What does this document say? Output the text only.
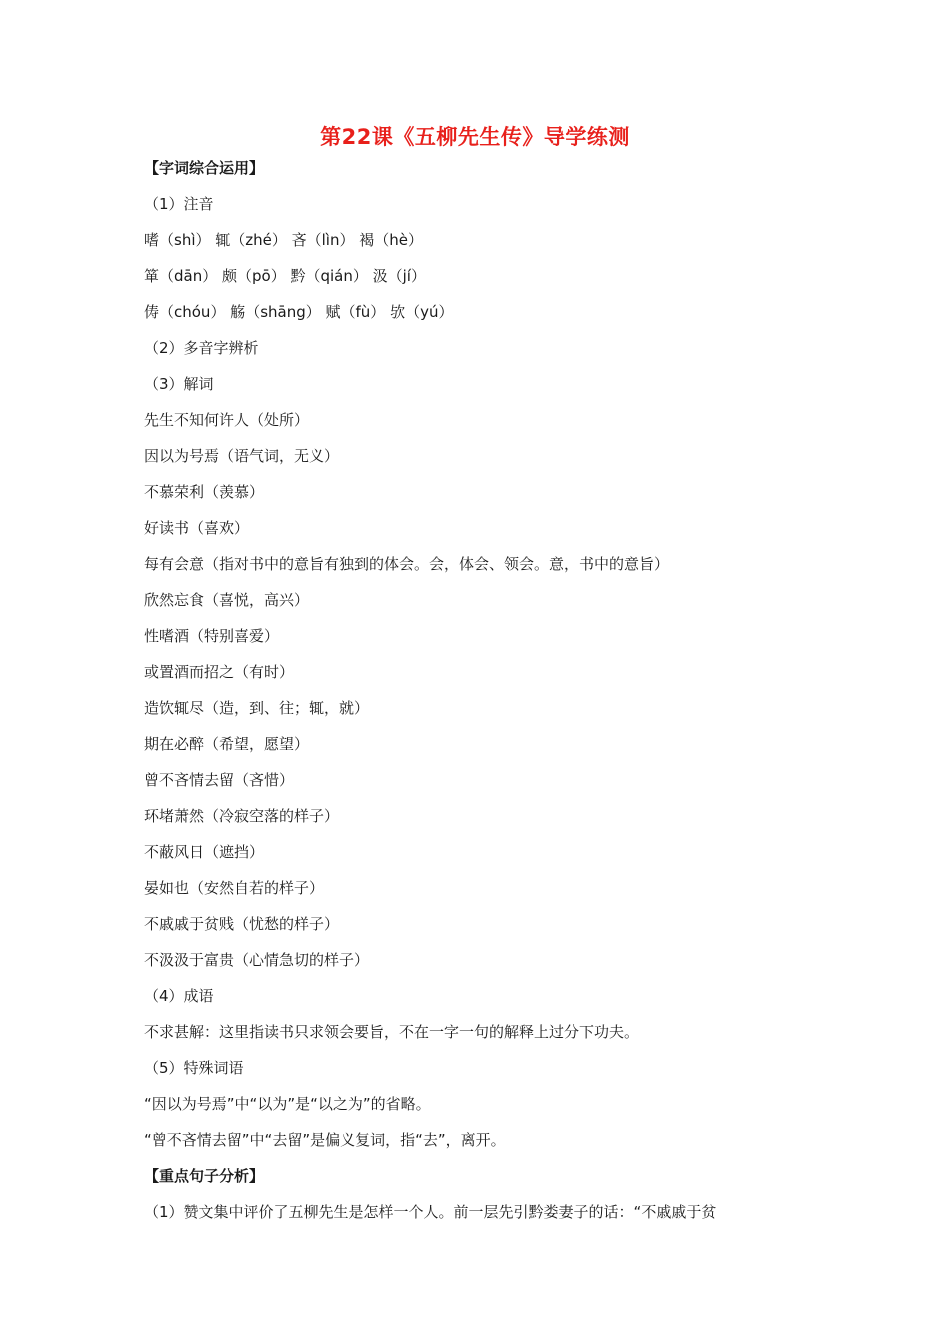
第22课《五柳先生传》导学练测
【字词综合运用】
（1）注音
嗜（shì） 辄（zhé） 吝（lìn） 褐（hè）
箪（dān） 颇（pō） 黔（qián） 汲（jí）
俦（chóu） 觞（shāng） 赋（fù） 欤（yú）
（2）多音字辨析
（3）解词
先生不知何许人（处所）
因以为号焉（语气词，无义）
不慕荣利（羡慕）
好读书（喜欢）
每有会意（指对书中的意旨有独到的体会。会，体会、领会。意，书中的意旨）
欣然忘食（喜悦，高兴）
性嗜酒（特别喜爱）
或置酒而招之（有时）
造饮辄尽（造，到、往；辄，就）
期在必醉（希望，愿望）
曾不吝情去留（吝惜）
环堵萧然（冷寂空落的样子）
不蔽风日（遮挡）
晏如也（安然自若的样子）
不戚戚于贫贱（忧愁的样子）
不汲汲于富贵（心情急切的样子）
（4）成语
不求甚解：这里指读书只求领会要旨，不在一字一句的解释上过分下功夫。
（5）特殊词语
“因以为号焉”中“以为”是“以之为”的省略。
“曾不吝情去留”中“去留”是偏义复词，指“去”，离开。
【重点句子分析】
（1）赞文集中评价了五柳先生是怎样一个人。前一层先引黔娄妻子的话：“不戚戚于贫
